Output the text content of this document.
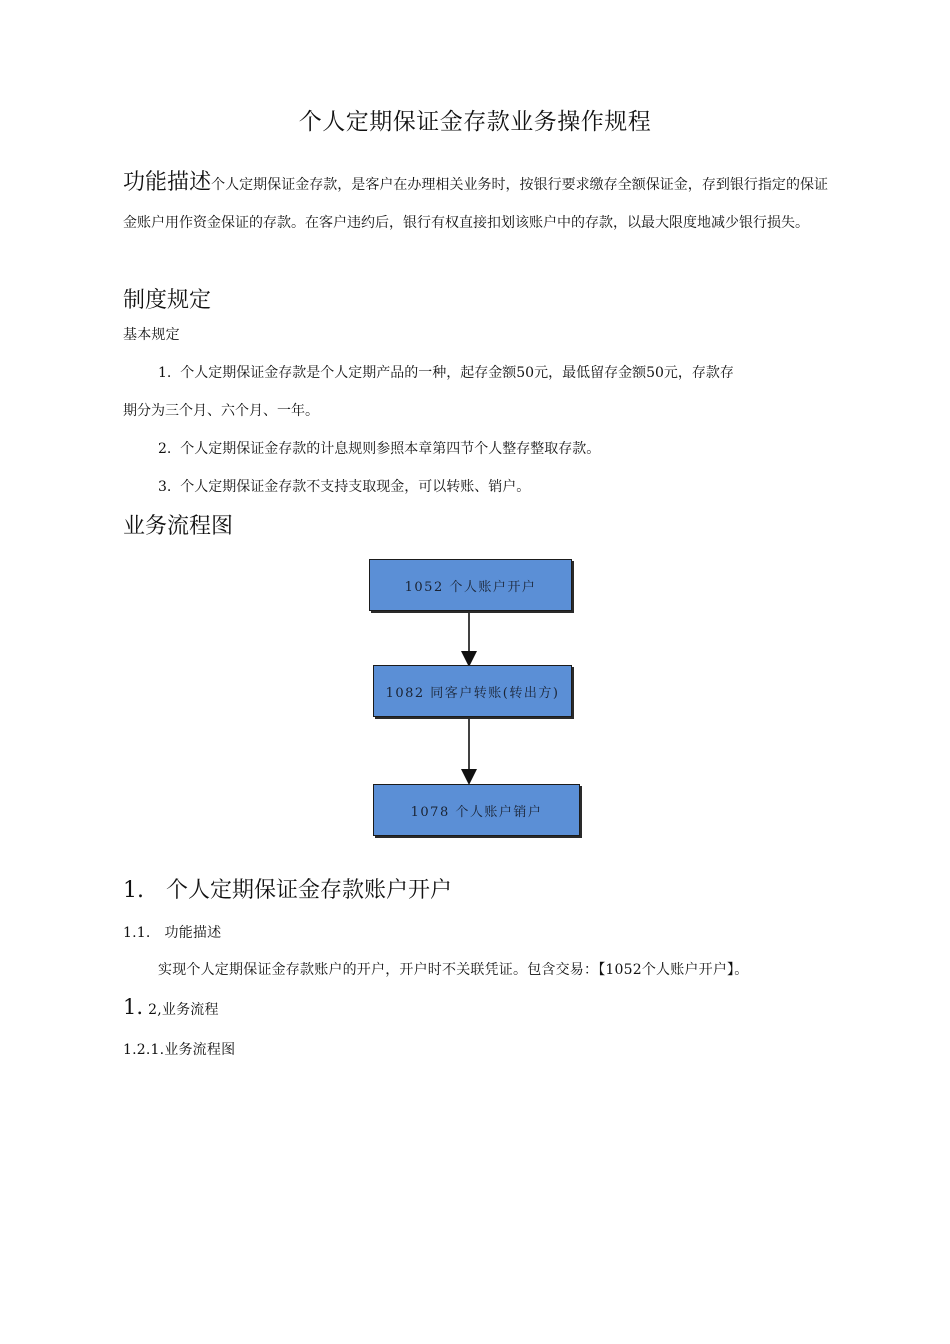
个人定期保证金存款业务操作规程
功能描述个人定期保证金存款，是客户在办理相关业务时，按银行要求缴存全额保证金，存到银行指定的保证金账户用作资金保证的存款。在客户违约后，银行有权直接扣划该账户中的存款，以最大限度地减少银行损失。
制度规定
基本规定
1. 个人定期保证金存款是个人定期产品的一种，起存金额50元，最低留存金额50元，存款存
期分为三个月、六个月、一年。
2. 个人定期保证金存款的计息规则参照本章第四节个人整存整取存款。
3. 个人定期保证金存款不支持支取现金，可以转账、销户。
业务流程图
1052 个人账户开户
1082 同客户转账(转出方)
1078 个人账户销户
1. 个人定期保证金存款账户开户
1.1. 功能描述
实现个人定期保证金存款账户的开户，开户时不关联凭证。包含交易：【1052个人账户开户】。
1. 2,业务流程
1.2.1.业务流程图
